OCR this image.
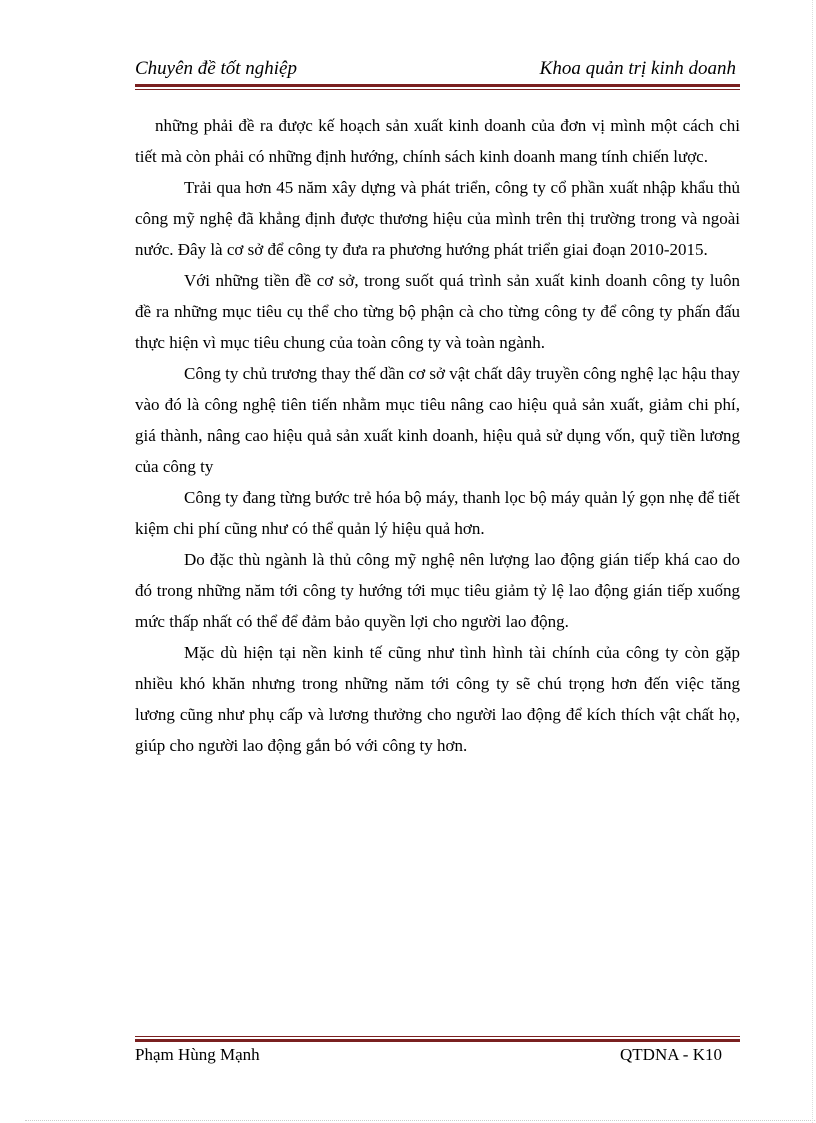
Chuyên đề tốt nghiệp	Khoa quản trị kinh doanh

những phải đề ra được kế hoạch sản xuất kinh doanh của đơn vị mình một cách chi tiết mà còn phải có những định hướng, chính sách kinh doanh mang tính chiến lược.

Trải qua hơn 45 năm xây dựng và phát triển, công ty cổ phần xuất nhập khẩu thủ công mỹ nghệ đã khẳng định được thương hiệu của mình trên thị trường trong và ngoài nước. Đây là cơ sở để công ty đưa ra phương hướng phát triển giai đoạn 2010-2015.

Với những tiền đề cơ sở, trong suốt quá trình sản xuất kinh doanh công ty luôn đề ra những mục tiêu cụ thể cho từng bộ phận cà cho từng công ty để công ty phấn đấu thực hiện vì mục tiêu chung của toàn công ty và toàn ngành.

Công ty chủ trương thay thế dần cơ sở vật chất dây truyền công nghệ lạc hậu thay vào đó là công nghệ tiên tiến nhằm mục tiêu nâng cao hiệu quả sản xuất, giảm chi phí, giá thành, nâng cao hiệu quả sản xuất kinh doanh, hiệu quả sử dụng vốn, quỹ tiền lương của công ty

Công ty đang từng bước trẻ hóa bộ máy, thanh lọc bộ máy quản lý gọn nhẹ để tiết kiệm chi phí cũng như có thể quản lý hiệu quả hơn.

Do đặc thù ngành là thủ công mỹ nghệ nên lượng lao động gián tiếp khá cao do đó trong những năm tới công ty hướng tới mục tiêu giảm tỷ lệ lao động gián tiếp xuống mức thấp nhất có thể để đảm bảo quyền lợi cho người lao động.

Mặc dù hiện tại nền kinh tế cũng như tình hình tài chính của công ty còn gặp nhiều khó khăn nhưng trong những năm tới công ty sẽ chú trọng hơn đến việc tăng lương cũng như phụ cấp và lương thưởng cho người lao động để kích thích vật chất họ, giúp cho người lao động gắn bó với công ty hơn.

Phạm Hùng Mạnh	QTDNA - K10
